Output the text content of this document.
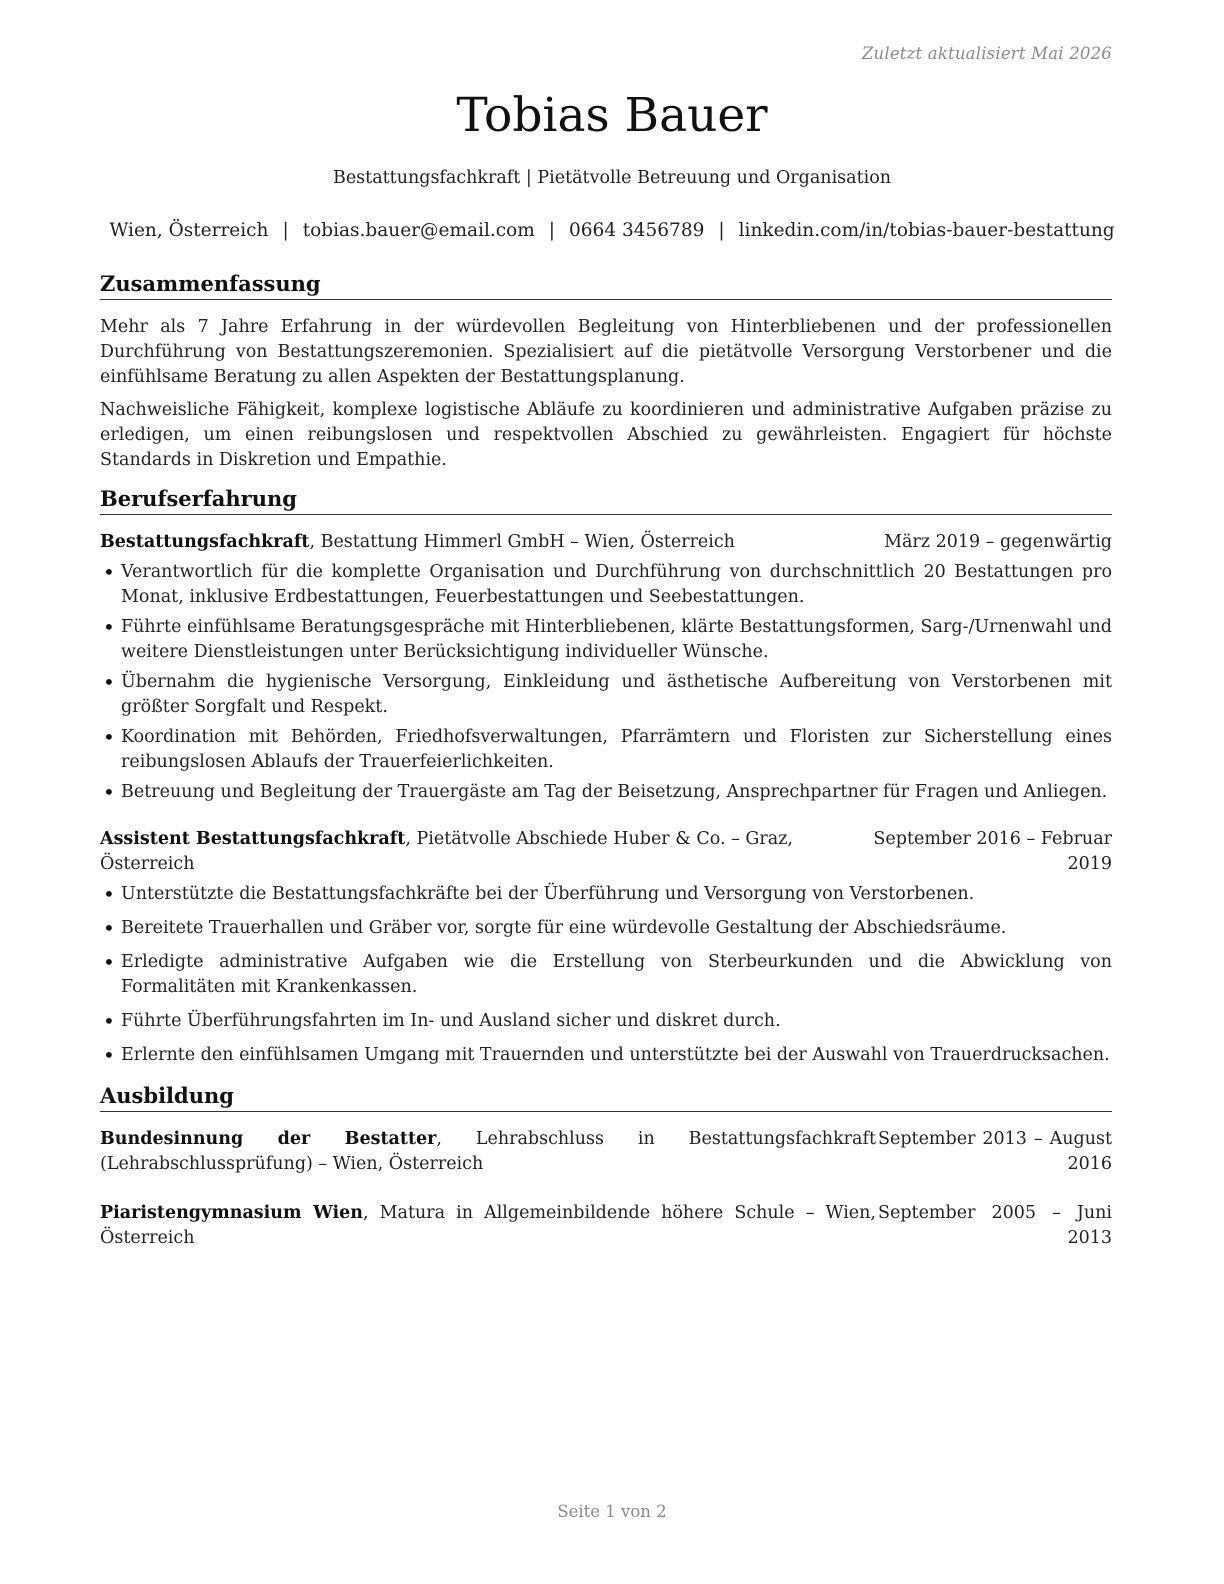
Zuletzt aktualisiert Mai 2026
Tobias Bauer
Bestattungsfachkraft | Pietätvolle Betreuung und Organisation
Wien, Österreich | tobias.bauer@email.com | 0664 3456789 | linkedin.com/in/tobias-bauer-bestattung
Zusammenfassung

Mehr als 7 Jahre Erfahrung in der würdevollen Begleitung von Hinterbliebenen und der professionellen Durchführung von Bestattungszeremonien. Spezialisiert auf die pietätvolle Versorgung Verstorbener und die einfühlsame Beratung zu allen Aspekten der Bestattungsplanung.

Nachweisliche Fähigkeit, komplexe logistische Abläufe zu koordinieren und administrative Aufgaben präzise zu erledigen, um einen reibungslosen und respektvollen Abschied zu gewährleisten. Engagiert für höchste Standards in Diskretion und Empathie.

Berufserfahrung
Bestattungsfachkraft, Bestattung Himmerl GmbH – Wien, Österreich	März 2019 – gegenwärtig
• Verantwortlich für die komplette Organisation und Durchführung von durchschnittlich 20 Bestattungen pro Monat, inklusive Erdbestattungen, Feuerbestattungen und Seebestattungen.
• Führte einfühlsame Beratungsgespräche mit Hinterbliebenen, klärte Bestattungsformen, Sarg-/Urnenwahl und weitere Dienstleistungen unter Berücksichtigung individueller Wünsche.
• Übernahm die hygienische Versorgung, Einkleidung und ästhetische Aufbereitung von Verstorbenen mit größter Sorgfalt und Respekt.
• Koordination mit Behörden, Friedhofsverwaltungen, Pfarrämtern und Floristen zur Sicherstellung eines reibungslosen Ablaufs der Trauerfeierlichkeiten.
• Betreuung und Begleitung der Trauergäste am Tag der Beisetzung, Ansprechpartner für Fragen und Anliegen.
Assistent Bestattungsfachkraft, Pietätvolle Abschiede Huber & Co. – Graz, Österreich
September 2016 – Februar 2019
• Unterstützte die Bestattungsfachkräfte bei der Überführung und Versorgung von Verstorbenen.
• Bereitete Trauerhallen und Gräber vor, sorgte für eine würdevolle Gestaltung der Abschiedsräume.
• Erledigte administrative Aufgaben wie die Erstellung von Sterbeurkunden und die Abwicklung von Formalitäten mit Krankenkassen.
• Führte Überführungsfahrten im In- und Ausland sicher und diskret durch.
• Erlernte den einfühlsamen Umgang mit Trauernden und unterstützte bei der Auswahl von Trauerdrucksachen.
Ausbildung
Bundesinnung der Bestatter, Lehrabschluss in Bestattungsfachkraft (Lehrabschlussprüfung) – Wien, Österreich
September 2013 – August 2016
Piaristengymnasium Wien, Matura in Allgemeinbildende höhere Schule – Wien, Österreich
September 2005 – Juni 2013
Seite 1 von 2
